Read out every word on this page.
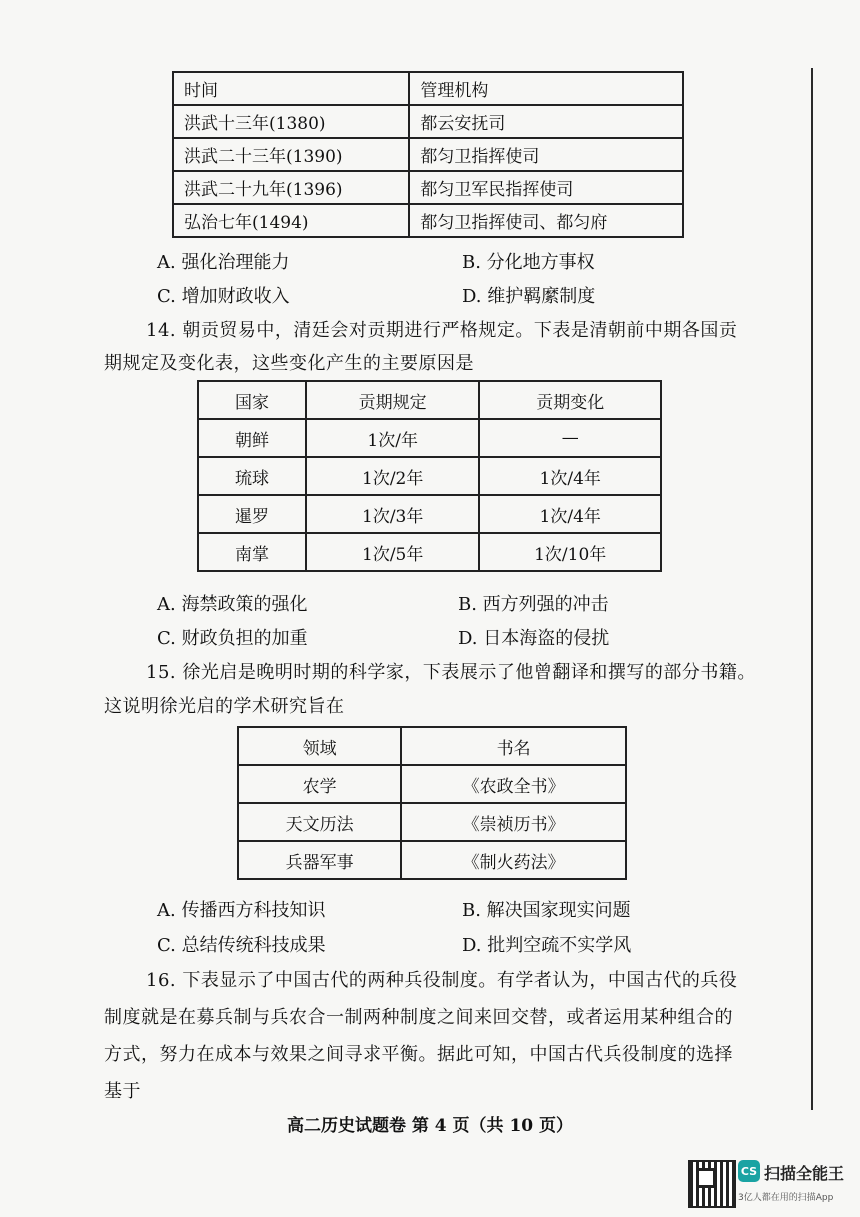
时间	管理机构
洪武十三年(1380)	都云安抚司
洪武二十三年(1390)	都匀卫指挥使司
洪武二十九年(1396)	都匀卫军民指挥使司
弘治七年(1494)	都匀卫指挥使司、都匀府
A. 强化治理能力	B. 分化地方事权
C. 增加财政收入	D. 维护羁縻制度
14. 朝贡贸易中，清廷会对贡期进行严格规定。下表是清朝前中期各国贡
期规定及变化表，这些变化产生的主要原因是
国家	贡期规定	贡期变化
朝鲜	1次/年	—
琉球	1次/2年	1次/4年
暹罗	1次/3年	1次/4年
南掌	1次/5年	1次/10年
A. 海禁政策的强化	B. 西方列强的冲击
C. 财政负担的加重	D. 日本海盗的侵扰
15. 徐光启是晚明时期的科学家，下表展示了他曾翻译和撰写的部分书籍。
这说明徐光启的学术研究旨在
领域	书名
农学	《农政全书》
天文历法	《崇祯历书》
兵器军事	《制火药法》
A. 传播西方科技知识	B. 解决国家现实问题
C. 总结传统科技成果	D. 批判空疏不实学风
16. 下表显示了中国古代的两种兵役制度。有学者认为，中国古代的兵役
制度就是在募兵制与兵农合一制两种制度之间来回交替，或者运用某种组合的
方式，努力在成本与效果之间寻求平衡。据此可知，中国古代兵役制度的选择
基于
高二历史试题卷 第 4 页（共 10 页）
CS 扫描全能王
3亿人都在用的扫描App
